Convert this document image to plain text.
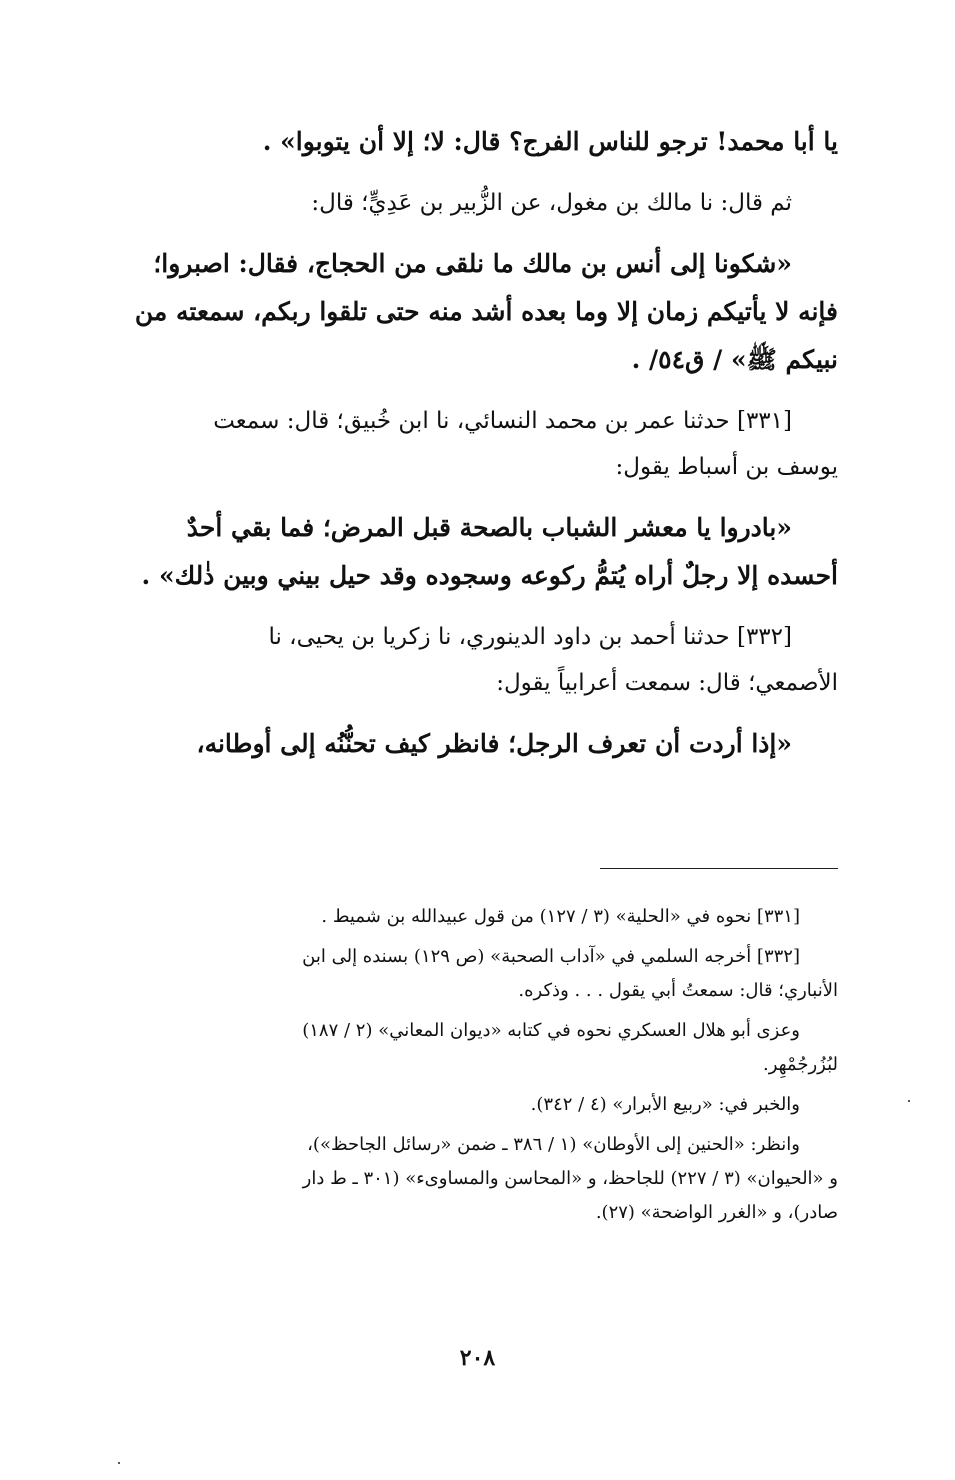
يا أبا محمد! ترجو للناس الفرج؟ قال: لا؛ إلا أن يتوبوا» .
ثم قال: نا مالك بن مغول، عن الزُّبير بن عَدِيٍّ؛ قال:
«شكونا إلى أنس بن مالك ما نلقى من الحجاج، فقال: اصبروا؛
فإنه لا يأتيكم زمان إلا وما بعده أشد منه حتى تلقوا ربكم، سمعته من
نبيكم ﷺ» / ق٥٤/ .
[٣٣١] حدثنا عمر بن محمد النسائي، نا ابن خُبيق؛ قال: سمعت
يوسف بن أسباط يقول:
«بادروا يا معشر الشباب بالصحة قبل المرض؛ فما بقي أحدٌ
أحسده إلا رجلٌ أراه يُتمُّ ركوعه وسجوده وقد حيل بيني وبين ذٰلك» .
[٣٣٢] حدثنا أحمد بن داود الدينوري، نا زكريا بن يحيى، نا
الأصمعي؛ قال: سمعت أعرابياً يقول:
«إذا أردت أن تعرف الرجل؛ فانظر كيف تحنُّنُه إلى أوطانه،
[٣٣١] نحوه في «الحلية» (٣ / ١٢٧) من قول عبيدالله بن شميط .
[٣٣٢] أخرجه السلمي في «آداب الصحبة» (ص ١٢٩) بسنده إلى ابن
الأنباري؛ قال: سمعتُ أبي يقول . . . وذكره.
وعزى أبو هلال العسكري نحوه في كتابه «ديوان المعاني» (٢ / ١٨٧)
لبُزُرجُمْهِر.
والخبر في: «ربيع الأبرار» (٤ / ٣٤٢).
وانظر: «الحنين إلى الأوطان» (١ / ٣٨٦ ـ ضمن «رسائل الجاحظ»)،
و «الحيوان» (٣ / ٢٢٧) للجاحظ، و «المحاسن والمساوىء» (٣٠١ ـ ط دار
صادر)، و «الغرر الواضحة» (٢٧).
٢٠٨
